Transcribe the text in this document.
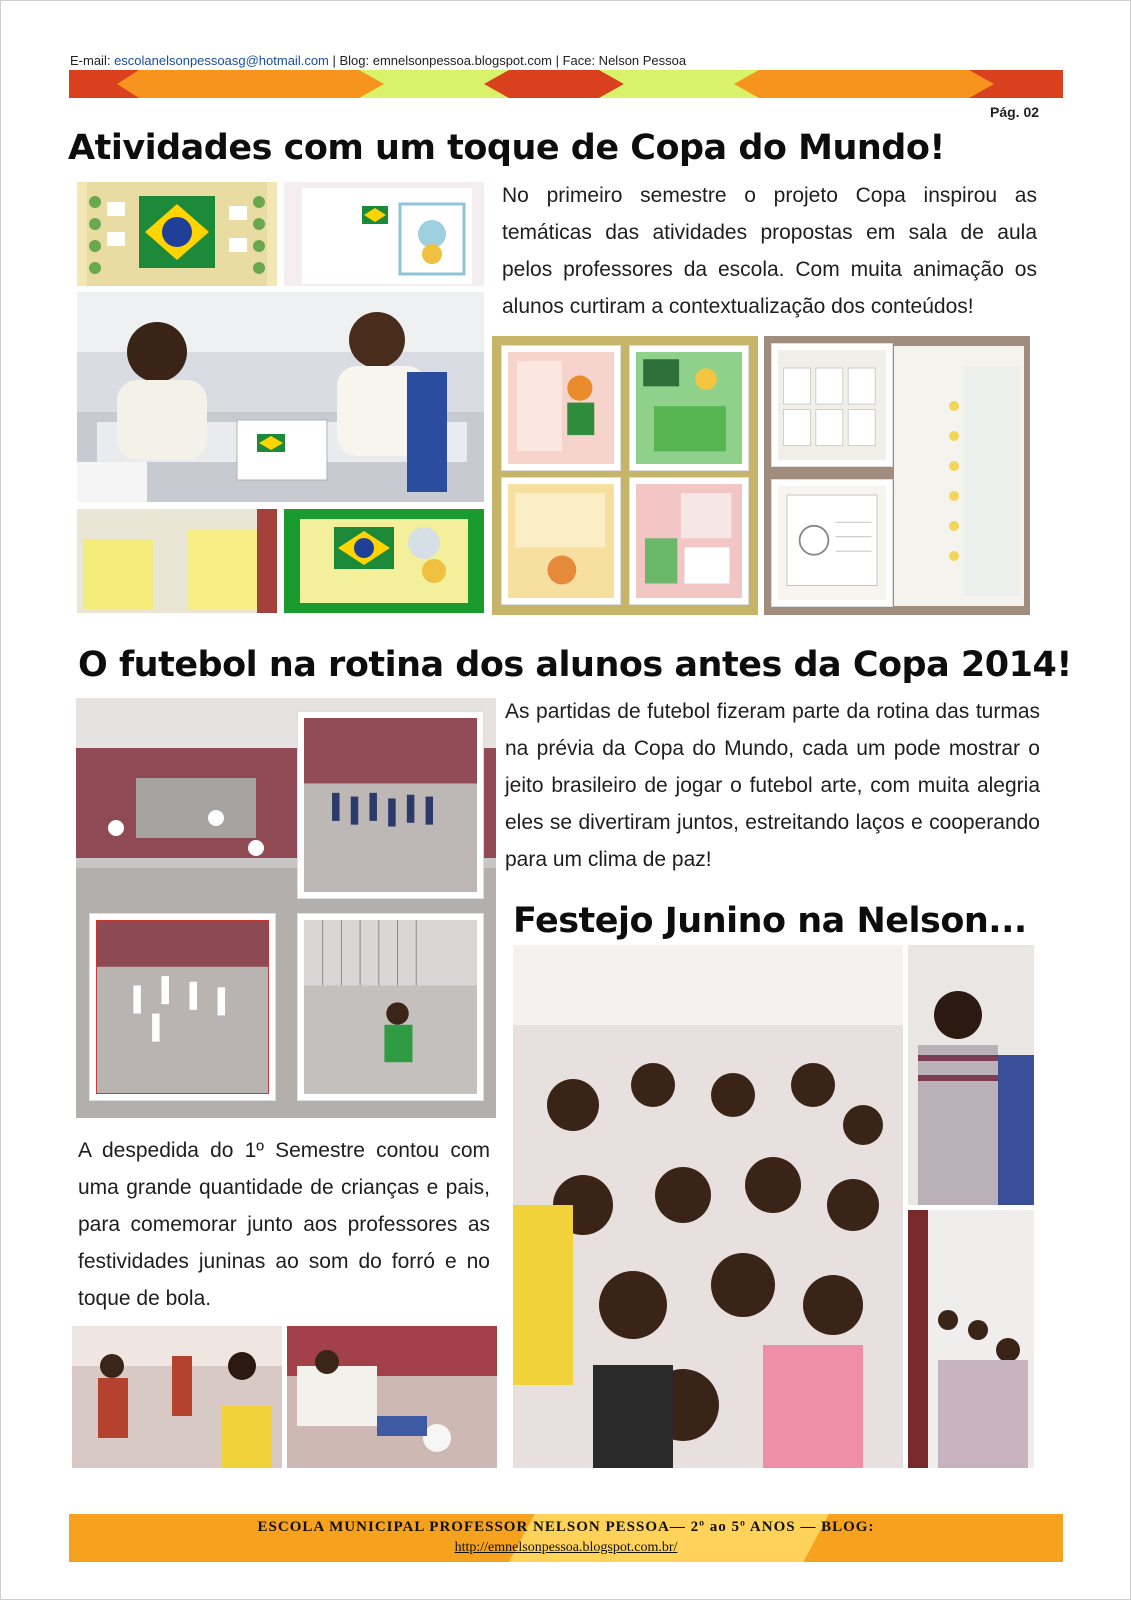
E-mail: escolanelsonpessoasg@hotmail.com | Blog: emnelsonpessoa.blogspot.com | Face: Nelson Pessoa
Pág. 02
Atividades com um toque de Copa do Mundo!

No primeiro semestre o projeto Copa inspirou as temáticas das atividades propostas em sala de aula pelos professores da escola. Com muita animação os alunos curtiram a contextualização dos conteúdos!

O futebol na rotina dos alunos antes da Copa 2014!

As partidas de futebol fizeram parte da rotina das turmas na prévia da Copa do Mundo, cada um pode mostrar o jeito brasileiro de jogar o futebol arte, com muita alegria eles se divertiram juntos, estreitando laços e cooperando para um clima de paz!

Festejo Junino na Nelson...

A despedida do 1º Semestre contou com uma grande quantidade de crianças e pais, para comemorar junto aos professores as festividades juninas ao som do forró e no toque de bola.

ESCOLA MUNICIPAL PROFESSOR NELSON PESSOA— 2º ao 5º ANOS — BLOG:
http://emnelsonpessoa.blogspot.com.br/
